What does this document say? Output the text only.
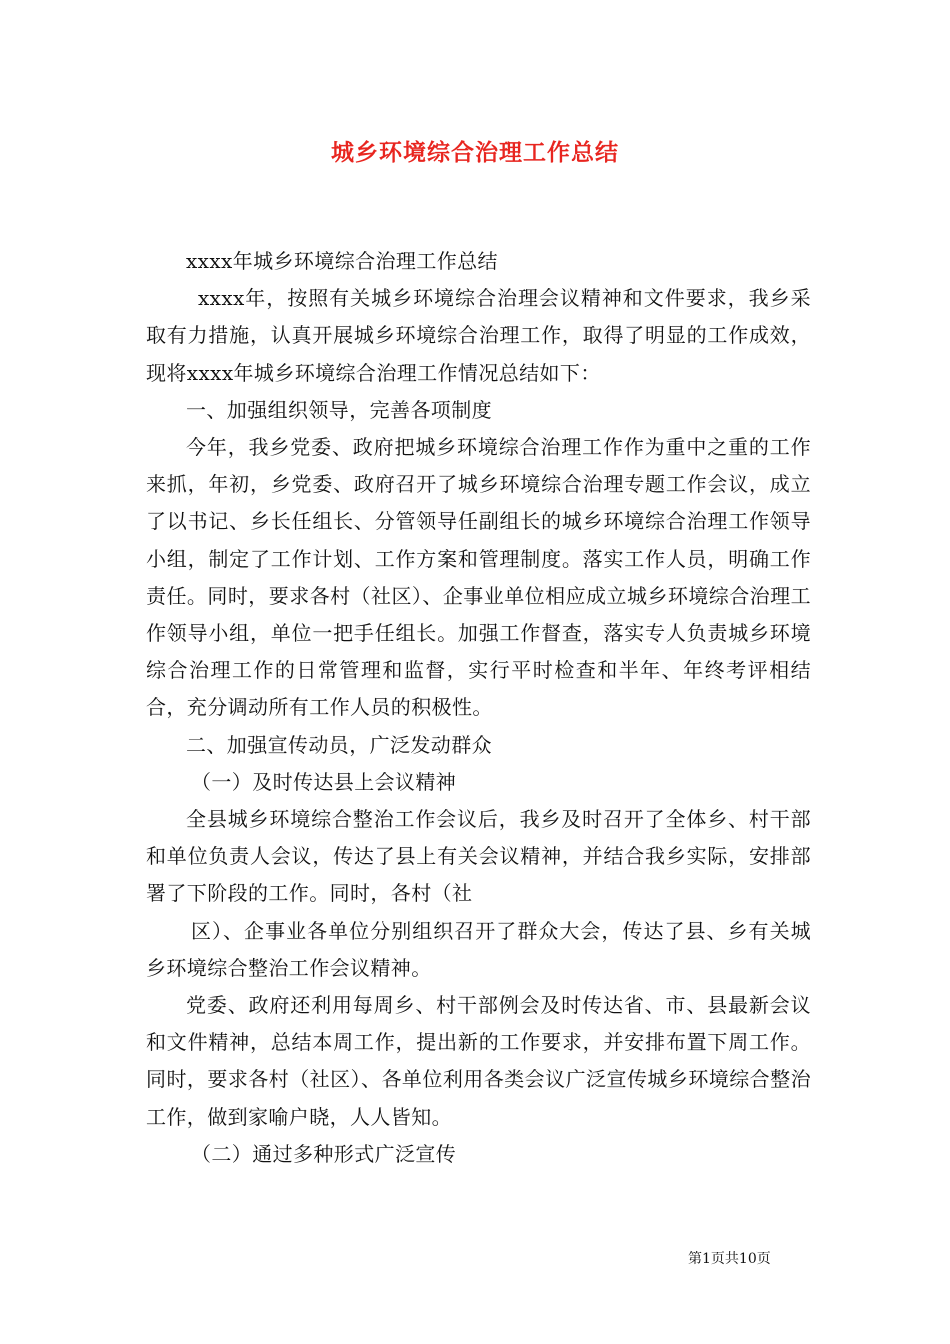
城乡环境综合治理工作总结

xxxx年城乡环境综合治理工作总结

xxxx年，按照有关城乡环境综合治理会议精神和文件要求，我乡采取有力措施，认真开展城乡环境综合治理工作，取得了明显的工作成效，现将xxxx年城乡环境综合治理工作情况总结如下：

一、加强组织领导，完善各项制度

今年，我乡党委、政府把城乡环境综合治理工作作为重中之重的工作来抓，年初，乡党委、政府召开了城乡环境综合治理专题工作会议，成立了以书记、乡长任组长、分管领导任副组长的城乡环境综合治理工作领导小组，制定了工作计划、工作方案和管理制度。落实工作人员，明确工作责任。同时，要求各村（社区）、企事业单位相应成立城乡环境综合治理工作领导小组，单位一把手任组长。加强工作督查，落实专人负责城乡环境综合治理工作的日常管理和监督，实行平时检查和半年、年终考评相结合，充分调动所有工作人员的积极性。

二、加强宣传动员，广泛发动群众

（一）及时传达县上会议精神

全县城乡环境综合整治工作会议后，我乡及时召开了全体乡、村干部和单位负责人会议，传达了县上有关会议精神，并结合我乡实际，安排部署了下阶段的工作。同时，各村（社

区）、企事业各单位分别组织召开了群众大会，传达了县、乡有关城乡环境综合整治工作会议精神。

党委、政府还利用每周乡、村干部例会及时传达省、市、县最新会议和文件精神，总结本周工作，提出新的工作要求，并安排布置下周工作。同时，要求各村（社区）、各单位利用各类会议广泛宣传城乡环境综合整治工作，做到家喻户晓，人人皆知。

（二）通过多种形式广泛宣传

第1页共10页
